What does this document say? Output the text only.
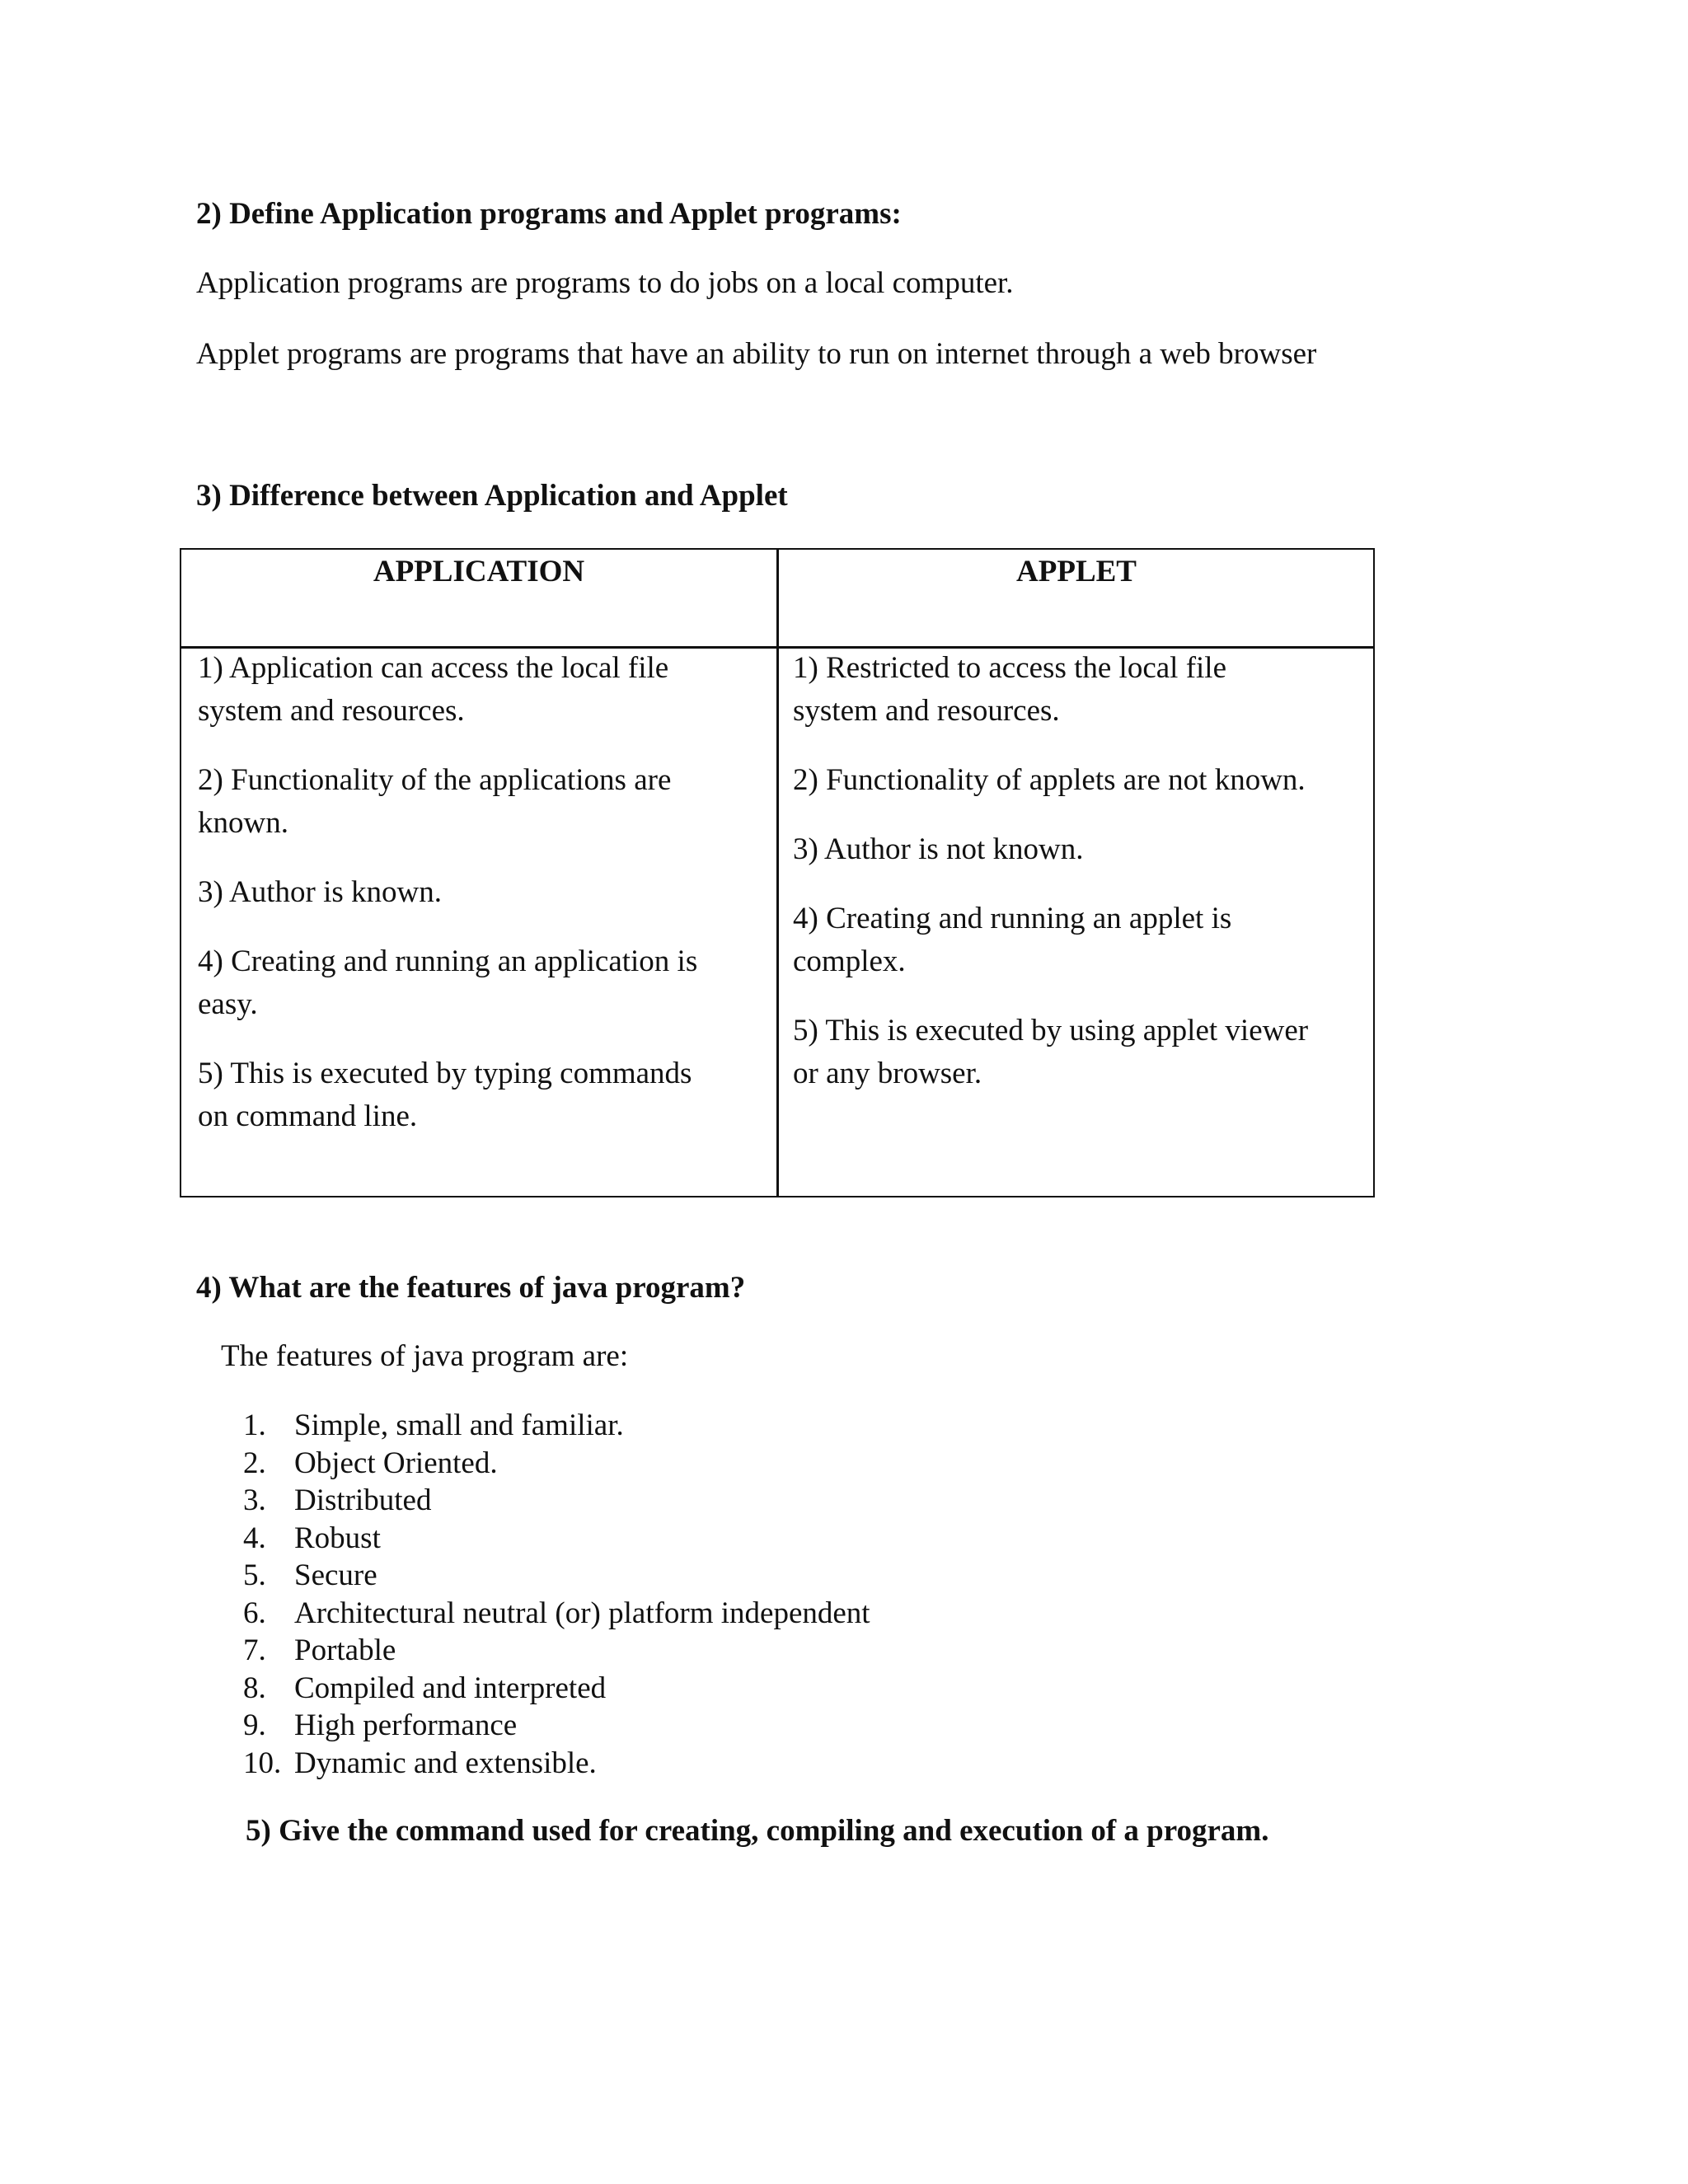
2) Define Application programs and Applet programs:

Application programs are programs to do jobs on a local computer.

Applet programs are programs that have an ability to run on internet through a web browser

3) Difference between Application and Applet

APPLICATION	APPLET

1) Application can access the local file
system and resources.

2) Functionality of the applications are
known.

3) Author is known.

4) Creating and running an application is
easy.

5) This is executed by typing commands
on command line.

1) Restricted to access the local file
system and resources.

2) Functionality of applets are not known.

3) Author is not known.

4) Creating and running an applet is
complex.

5) This is executed by using applet viewer
or any browser.

4) What are the features of java program?

The features of java program are:

1. Simple, small and familiar.
2. Object Oriented.
3. Distributed
4. Robust
5. Secure
6. Architectural neutral (or) platform independent
7. Portable
8. Compiled and interpreted
9. High performance
10. Dynamic and extensible.

5) Give the command used for creating, compiling and execution of a program.
